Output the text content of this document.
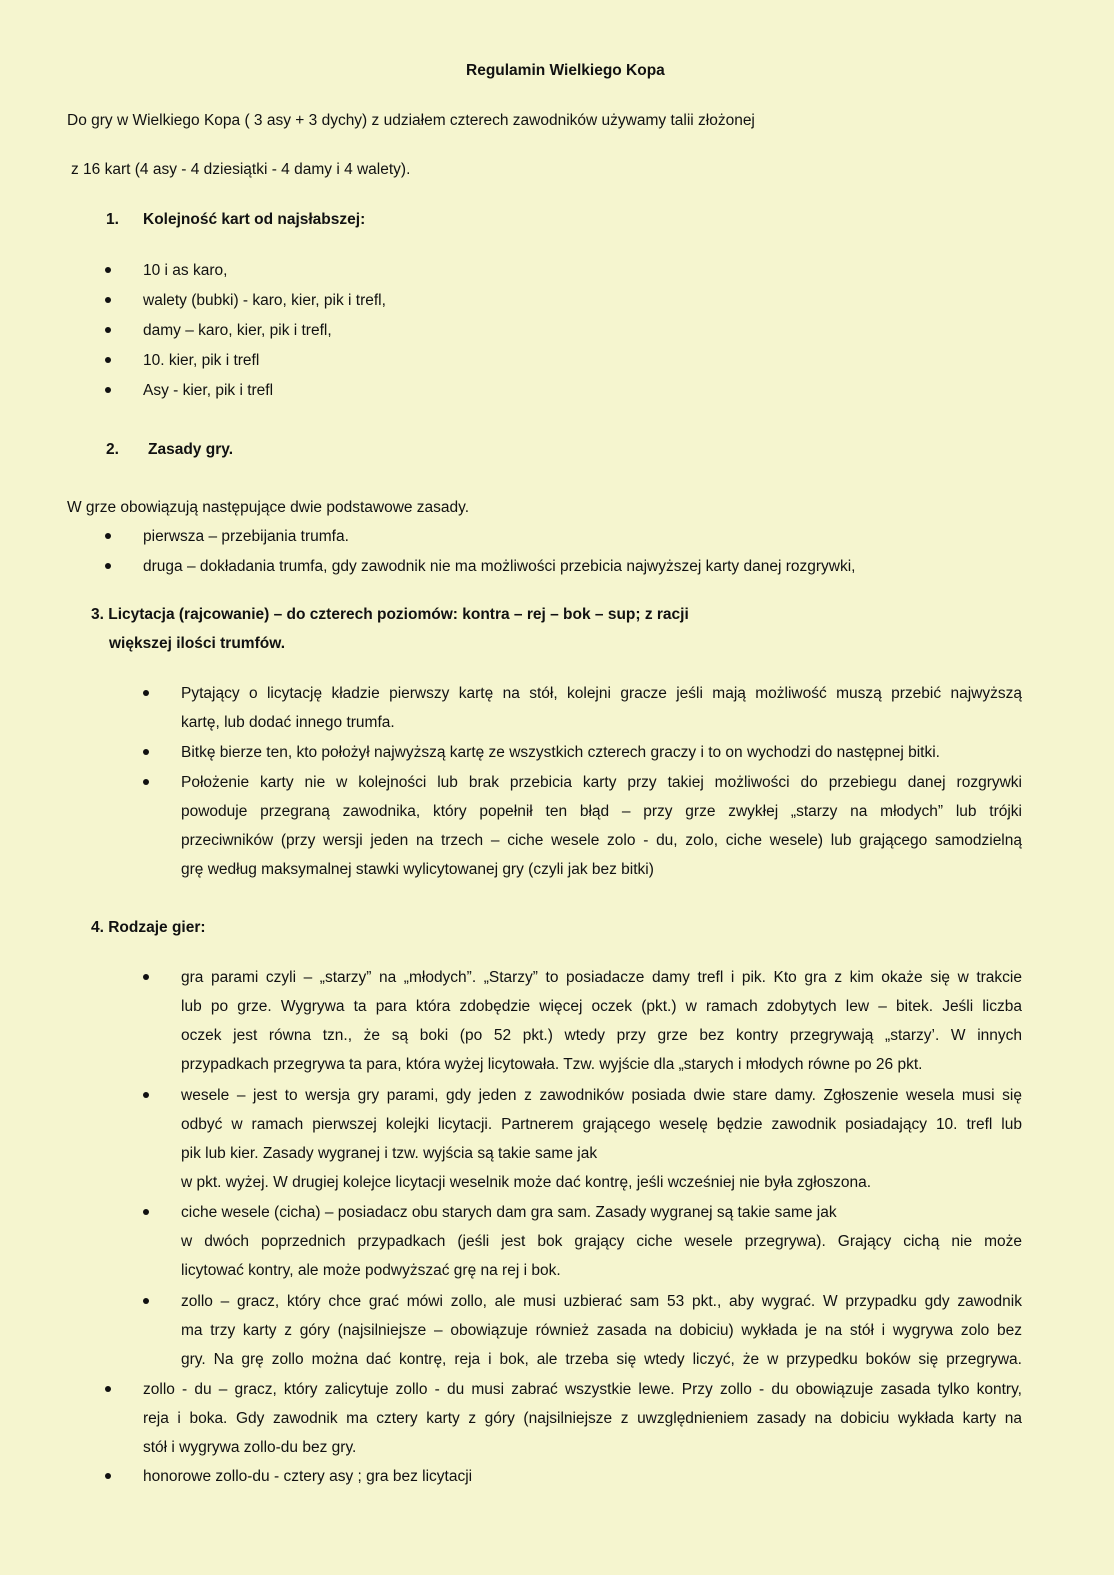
Regulamin Wielkiego Kopa
Do gry w Wielkiego Kopa ( 3 asy + 3 dychy) z udziałem czterech zawodników używamy talii złożonej
z 16 kart (4 asy - 4 dziesiątki - 4 damy i 4 walety).
1. Kolejność kart od najsłabszej:
10 i as karo,
walety (bubki) - karo, kier, pik i trefl,
damy – karo, kier, pik i trefl,
10. kier, pik i trefl
Asy - kier, pik i trefl
2. Zasady gry.
W grze obowiązują następujące dwie podstawowe zasady.
pierwsza – przebijania trumfa.
druga – dokładania trumfa, gdy zawodnik nie ma możliwości przebicia najwyższej karty danej rozgrywki,
3. Licytacja (rajcowanie) – do czterech poziomów: kontra – rej – bok – sup; z racji
większej ilości trumfów.
Pytający o licytację kładzie pierwszy kartę na stół, kolejni gracze jeśli mają możliwość muszą przebić najwyższą
kartę, lub dodać innego trumfa.
Bitkę bierze ten, kto położył najwyższą kartę ze wszystkich czterech graczy i to on wychodzi do następnej bitki.
Położenie karty nie w kolejności lub brak przebicia karty przy takiej możliwości do przebiegu danej rozgrywki
powoduje przegraną zawodnika, który popełnił ten błąd – przy grze zwykłej „starzy na młodych” lub trójki
przeciwników (przy wersji jeden na trzech – ciche wesele zolo - du, zolo, ciche wesele) lub grającego samodzielną
grę według maksymalnej stawki wylicytowanej gry (czyli jak bez bitki)
4. Rodzaje gier:
gra parami czyli – „starzy” na „młodych”. „Starzy” to posiadacze damy trefl i pik. Kto gra z kim okaże się w trakcie
lub po grze. Wygrywa ta para która zdobędzie więcej oczek (pkt.) w ramach zdobytych lew – bitek. Jeśli liczba
oczek jest równa tzn., że są boki (po 52 pkt.) wtedy przy grze bez kontry przegrywają „starzy’. W innych
przypadkach przegrywa ta para, która wyżej licytowała. Tzw. wyjście dla „starych i młodych równe po 26 pkt.
wesele – jest to wersja gry parami, gdy jeden z zawodników posiada dwie stare damy. Zgłoszenie wesela musi się
odbyć w ramach pierwszej kolejki licytacji. Partnerem grającego weselę będzie zawodnik posiadający 10. trefl lub
pik lub kier. Zasady wygranej i tzw. wyjścia są takie same jak
w pkt. wyżej. W drugiej kolejce licytacji weselnik może dać kontrę, jeśli wcześniej nie była zgłoszona.
ciche wesele (cicha) – posiadacz obu starych dam gra sam. Zasady wygranej są takie same jak
w dwóch poprzednich przypadkach (jeśli jest bok grający ciche wesele przegrywa). Grający cichą nie może
licytować kontry, ale może podwyższać grę na rej i bok.
zollo – gracz, który chce grać mówi zollo, ale musi uzbierać sam 53 pkt., aby wygrać. W przypadku gdy zawodnik
ma trzy karty z góry (najsilniejsze – obowiązuje również zasada na dobiciu) wykłada je na stół i wygrywa zolo bez
gry. Na grę zollo można dać kontrę, reja i bok, ale trzeba się wtedy liczyć, że w przypedku boków się przegrywa.
zollo - du – gracz, który zalicytuje zollo - du musi zabrać wszystkie lewe. Przy zollo - du obowiązuje zasada tylko kontry,
reja i boka. Gdy zawodnik ma cztery karty z góry (najsilniejsze z uwzględnieniem zasady na dobiciu wykłada karty na
stół i wygrywa zollo-du bez gry.
honorowe zollo-du - cztery asy ; gra bez licytacji
